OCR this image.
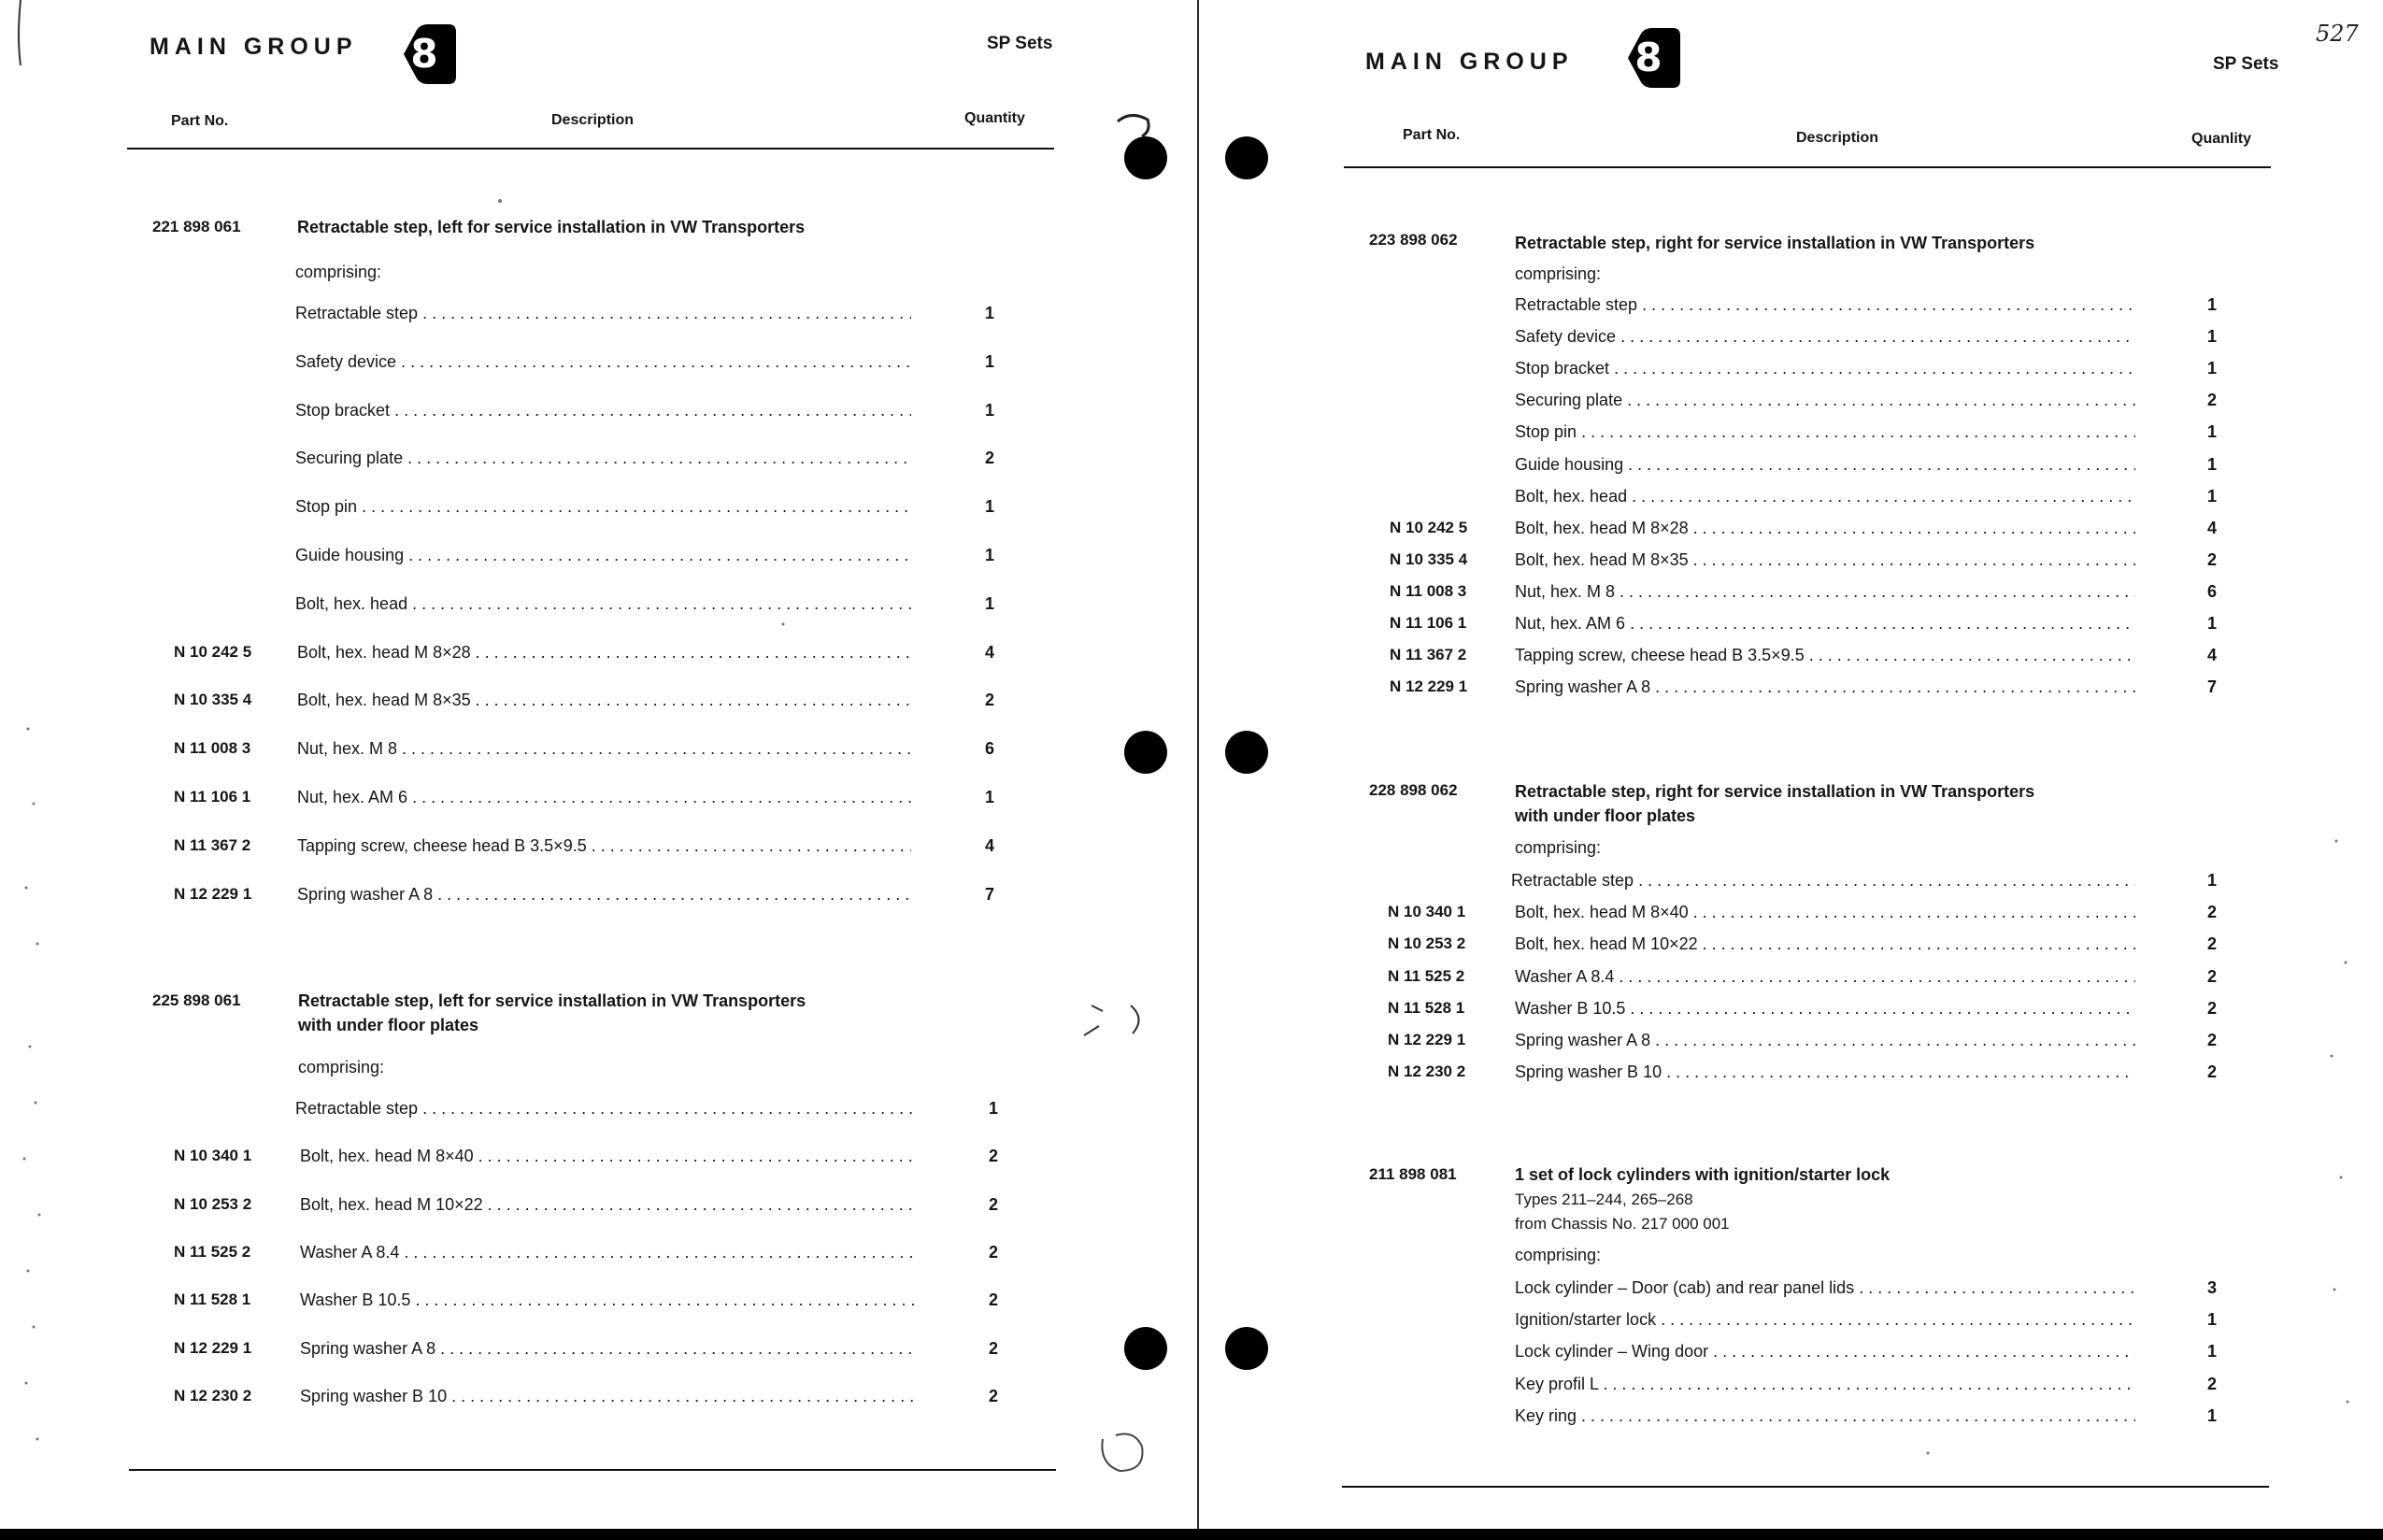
MAIN GROUP	8	SP Sets
Part No.	Description	Quantity
221 898 061	Retractable step, left for service installation in VW Transporters
comprising:
Retractable step . . .	1
Safety device . . .	1
Stop bracket . . .	1
Securing plate . . .	2
Stop pin . . .	1
Guide housing . . .	1
Bolt, hex. head . . .	1
N 10 242 5	Bolt, hex. head M 8×28 . . .	4
N 10 335 4	Bolt, hex. head M 8×35 . . .	2
N 11 008 3	Nut, hex. M 8 . . .	6
N 11 106 1	Nut, hex. AM 6 . . .	1
N 11 367 2	Tapping screw, cheese head B 3.5×9.5 . . .	4
N 12 229 1	Spring washer A 8 . . .	7
225 898 061	Retractable step, left for service installation in VW Transporters
with under floor plates
comprising:
Retractable step . . .	1
N 10 340 1	Bolt, hex. head M 8×40 . . .	2
N 10 253 2	Bolt, hex. head M 10×22 . . .	2
N 11 525 2	Washer A 8.4 . . .	2
N 11 528 1	Washer B 10.5 . . .	2
N 12 229 1	Spring washer A 8 . . .	2
N 12 230 2	Spring washer B 10 . . .	2
MAIN GROUP	8	SP Sets
Part No.	Description	Quanlity
223 898 062	Retractable step, right for service installation in VW Transporters
comprising:
Retractable step . . .	1
Safety device . . .	1
Stop bracket . . .	1
Securing plate . . .	2
Stop pin . . .	1
Guide housing . . .	1
Bolt, hex. head . . .	1
N 10 242 5	Bolt, hex. head M 8×28 . . .	4
N 10 335 4	Bolt, hex. head M 8×35 . . .	2
N 11 008 3	Nut, hex. M 8 . . .	6
N 11 106 1	Nut, hex. AM 6 . . .	1
N 11 367 2	Tapping screw, cheese head B 3.5×9.5 . . .	4
N 12 229 1	Spring washer A 8 . . .	7
228 898 062	Retractable step, right for service installation in VW Transporters
with under floor plates
comprising:
Retractable step . . .	1
N 10 340 1	Bolt, hex. head M 8×40 . . .	2
N 10 253 2	Bolt, hex. head M 10×22 . . .	2
N 11 525 2	Washer A 8.4 . . .	2
N 11 528 1	Washer B 10.5 . . .	2
N 12 229 1	Spring washer A 8 . . .	2
N 12 230 2	Spring washer B 10 . . .	2
211 898 081	1 set of lock cylinders with ignition/starter lock
Types 211–244, 265–268
from Chassis No. 217 000 001
comprising:
Lock cylinder – Door (cab) and rear panel lids . . .	3
Ignition/starter lock . . .	1
Lock cylinder – Wing door . . .	1
Key profil L . . .	2
Key ring . . .	1
527
